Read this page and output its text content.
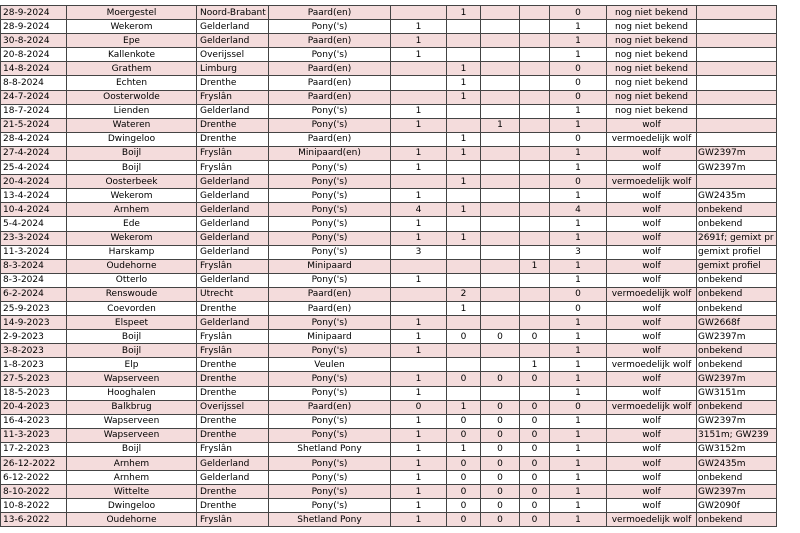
28-9-2024	Moergestel	Noord-Brabant	Paard(en)		1			0	nog niet bekend	
28-9-2024	Wekerom	Gelderland	Pony('s)	1				1	nog niet bekend	
30-8-2024	Epe	Gelderland	Paard(en)	1				1	nog niet bekend	
20-8-2024	Kallenkote	Overijssel	Pony('s)	1				1	nog niet bekend	
14-8-2024	Grathem	Limburg	Paard(en)		1			0	nog niet bekend	
8-8-2024	Echten	Drenthe	Paard(en)		1			0	nog niet bekend	
24-7-2024	Oosterwolde	Fryslân	Paard(en)		1			0	nog niet bekend	
18-7-2024	Lienden	Gelderland	Pony('s)	1				1	nog niet bekend	
21-5-2024	Wateren	Drenthe	Pony('s)	1		1		1	wolf	
28-4-2024	Dwingeloo	Drenthe	Paard(en)		1			0	vermoedelijk wolf	
27-4-2024	Boijl	Fryslân	Minipaard(en)	1	1			1	wolf	GW2397m
25-4-2024	Boijl	Fryslân	Pony('s)	1				1	wolf	GW2397m
20-4-2024	Oosterbeek	Gelderland	Pony('s)		1			0	vermoedelijk wolf	
13-4-2024	Wekerom	Gelderland	Pony('s)	1				1	wolf	GW2435m
10-4-2024	Arnhem	Gelderland	Pony('s)	4	1			4	wolf	onbekend
5-4-2024	Ede	Gelderland	Pony('s)	1				1	wolf	onbekend
23-3-2024	Wekerom	Gelderland	Pony('s)	1	1			1	wolf	2691f; gemixt pr
11-3-2024	Harskamp	Gelderland	Pony('s)	3				3	wolf	gemixt profiel
8-3-2024	Oudehorne	Fryslân	Minipaard				1	1	wolf	gemixt profiel
8-3-2024	Otterlo	Gelderland	Pony('s)	1				1	wolf	onbekend
6-2-2024	Renswoude	Utrecht	Paard(en)		2			0	vermoedelijk wolf	onbekend
25-9-2023	Coevorden	Drenthe	Paard(en)		1			0	wolf	onbekend
14-9-2023	Elspeet	Gelderland	Pony('s)	1				1	wolf	GW2668f
2-9-2023	Boijl	Fryslân	Minipaard	1	0	0	0	1	wolf	GW2397m
3-8-2023	Boijl	Fryslân	Pony('s)	1				1	wolf	onbekend
1-8-2023	Elp	Drenthe	Veulen				1	1	vermoedelijk wolf	onbekend
27-5-2023	Wapserveen	Drenthe	Pony('s)	1	0	0	0	1	wolf	GW2397m
18-5-2023	Hooghalen	Drenthe	Pony('s)	1				1	wolf	GW3151m
20-4-2023	Balkbrug	Overijssel	Paard(en)	0	1	0	0	0	vermoedelijk wolf	onbekend
16-4-2023	Wapserveen	Drenthe	Pony('s)	1	0	0	0	1	wolf	GW2397m
11-3-2023	Wapserveen	Drenthe	Pony('s)	1	0	0	0	1	wolf	3151m; GW239
17-2-2023	Boijl	Fryslân	Shetland Pony	1	1	0	0	1	wolf	GW3152m
26-12-2022	Arnhem	Gelderland	Pony('s)	1	0	0	0	1	wolf	GW2435m
6-12-2022	Arnhem	Gelderland	Pony('s)	1	0	0	0	1	wolf	onbekend
8-10-2022	Wittelte	Drenthe	Pony('s)	1	0	0	0	1	wolf	GW2397m
10-8-2022	Dwingeloo	Drenthe	Pony('s)	1	0	0	0	1	wolf	GW2090f
13-6-2022	Oudehorne	Fryslân	Shetland Pony	1	0	0	0	1	vermoedelijk wolf	onbekend
